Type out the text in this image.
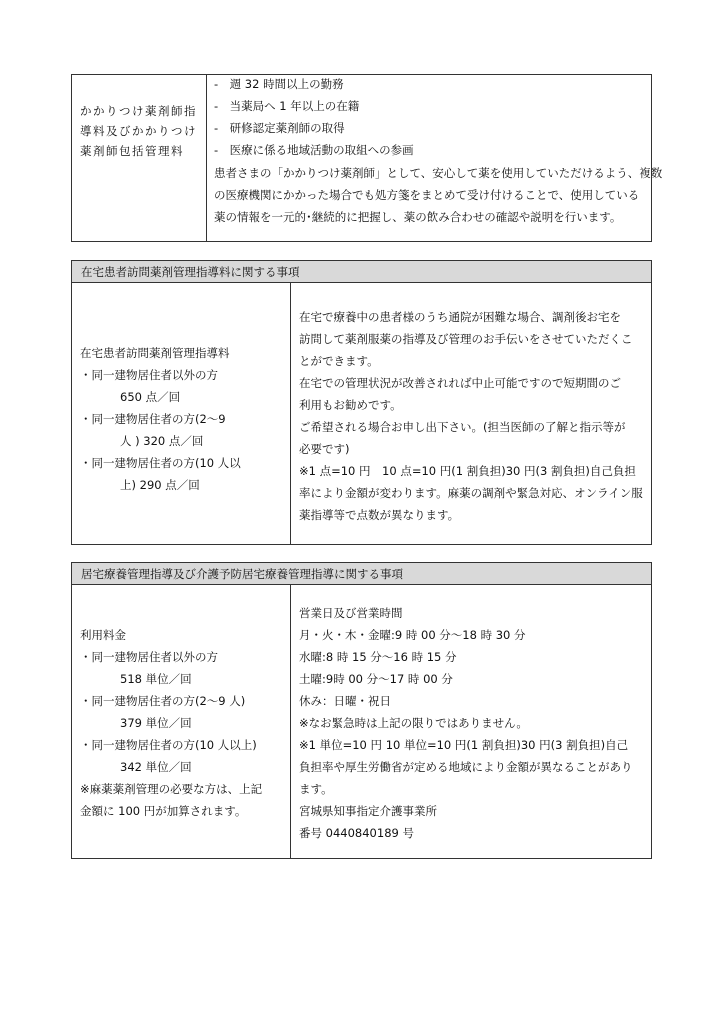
かかりつけ薬剤師指
導料及びかかりつけ
薬剤師包括管理料
-　週 32 時間以上の勤務
-　当薬局へ 1 年以上の在籍
-　研修認定薬剤師の取得
-　医療に係る地域活動の取組への参画
患者さまの「かかりつけ薬剤師」として、安心して薬を使用していただけるよう、複数
の医療機関にかかった場合でも処方箋をまとめて受け付けることで、使用している
薬の情報を一元的･継続的に把握し、薬の飲み合わせの確認や説明を行います。
在宅患者訪問薬剤管理指導料に関する事項
在宅患者訪問薬剤管理指導料
・同一建物居住者以外の方
650 点／回
・同一建物居住者の方(2～9
人 ) 320 点／回
・同一建物居住者の方(10 人以
上) 290 点／回
在宅で療養中の患者様のうち通院が困難な場合、調剤後お宅を
訪問して薬剤服薬の指導及び管理のお手伝いをさせていただくこ
とができます。
在宅での管理状況が改善されれば中止可能ですので短期間のご
利用もお勧めです。
ご希望される場合お申し出下さい。(担当医師の了解と指示等が
必要です)
※1 点=10 円　10 点=10 円(1 割負担)30 円(3 割負担)自己負担
率により金額が変わります。麻薬の調剤や緊急対応、オンライン服
薬指導等で点数が異なります。
居宅療養管理指導及び介護予防居宅療養管理指導に関する事項
利用料金
・同一建物居住者以外の方
518 単位／回
・同一建物居住者の方(2～9 人)
379 単位／回
・同一建物居住者の方(10 人以上)
342 単位／回
※麻薬薬剤管理の必要な方は、上記
金額に 100 円が加算されます。
営業日及び営業時間
月・火・木・金曜:9 時 00 分～18 時 30 分
水曜:8 時 15 分～16 時 15 分
土曜:9時 00 分～17 時 00 分
休み：日曜・祝日
※なお緊急時は上記の限りではありません。
※1 単位=10 円 10 単位=10 円(1 割負担)30 円(3 割負担)自己
負担率や厚生労働省が定める地域により金額が異なることがあり
ます。
宮城県知事指定介護事業所
番号 0440840189 号
